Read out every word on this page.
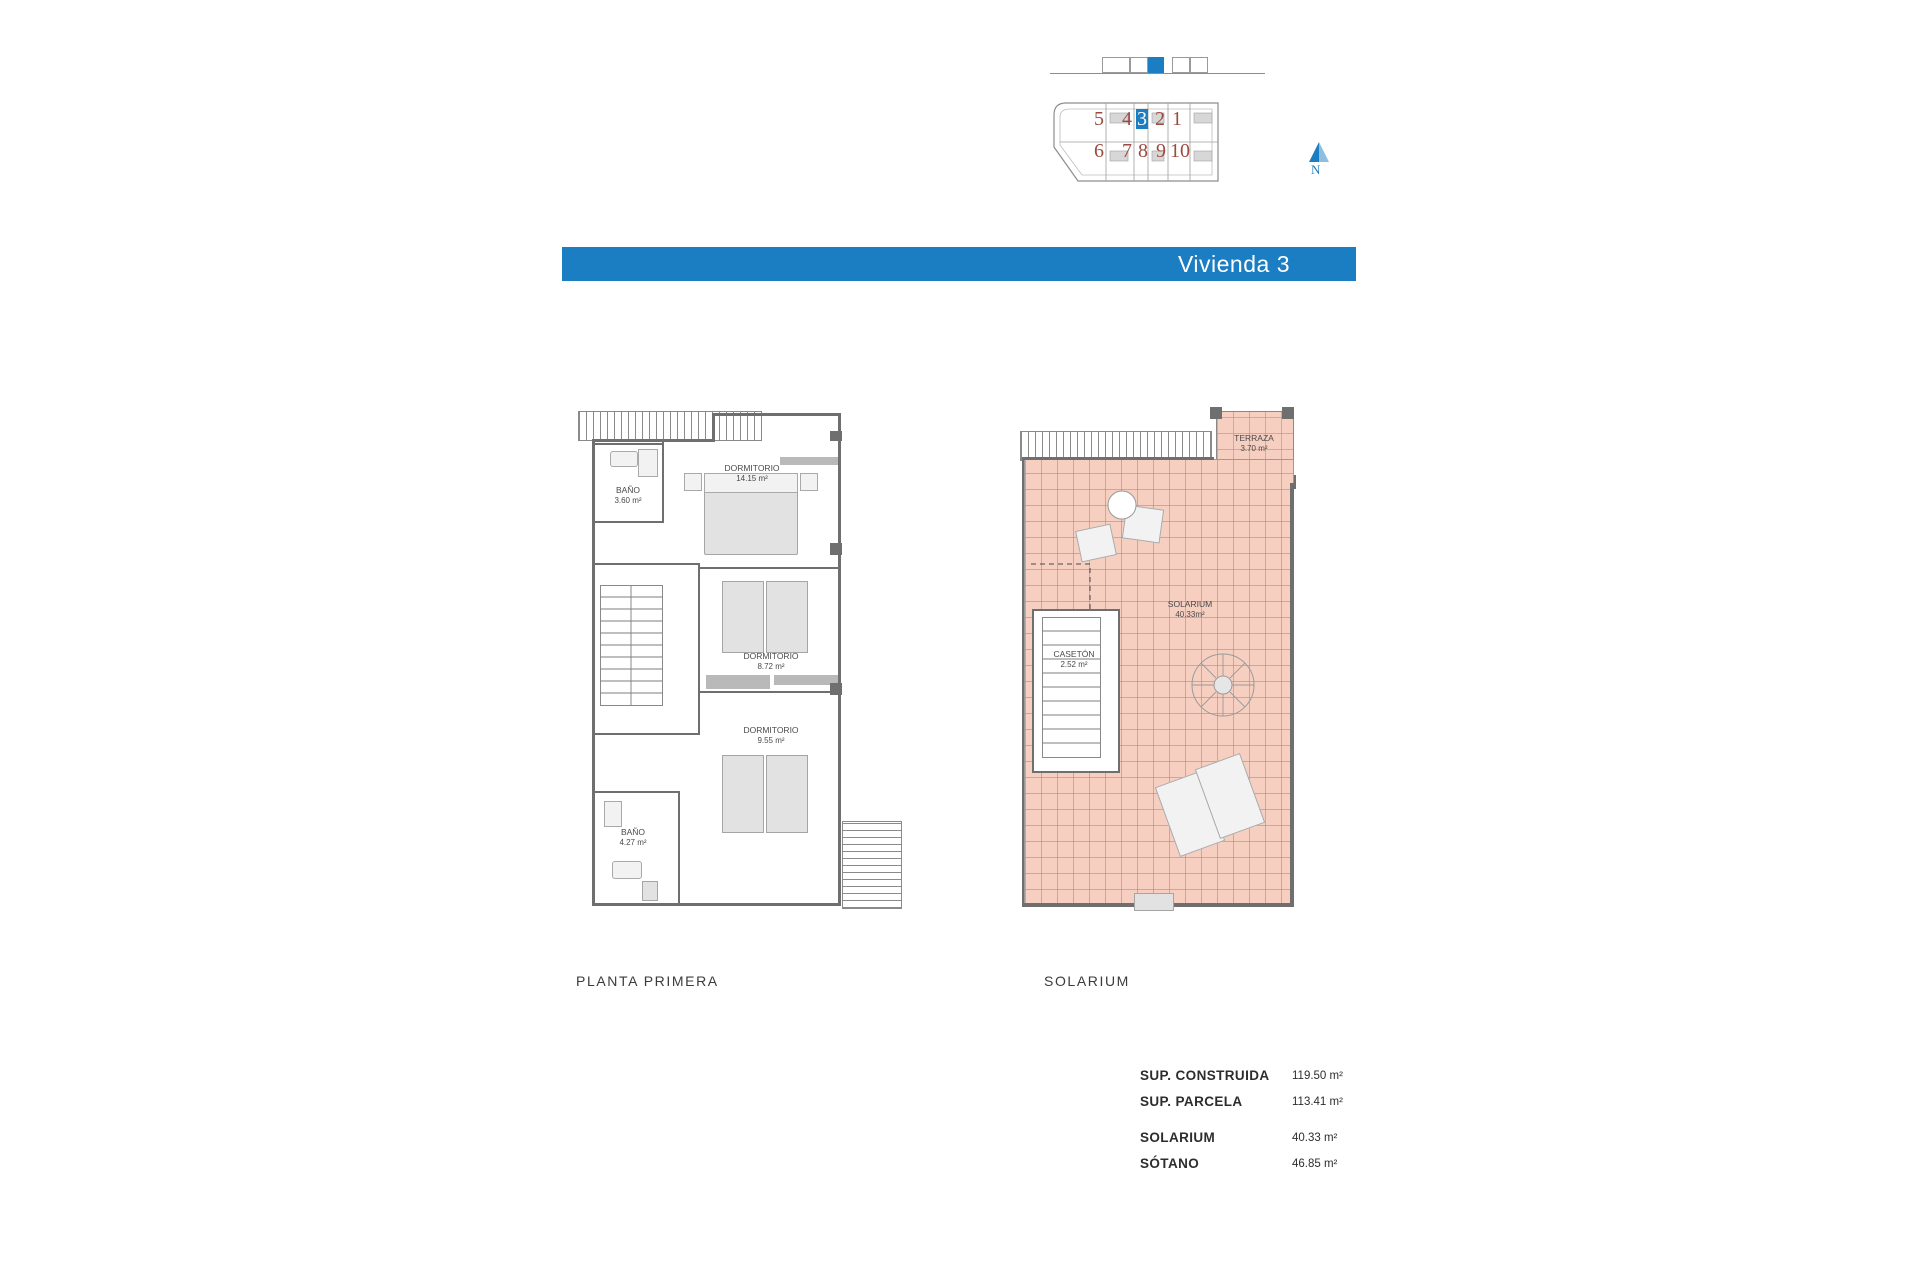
5 4 3 2 1
6 7 8 9 10
N
Vivienda 3
DORMITORIO
14.15 m²
BAÑO
3.60 m²
DORMITORIO
8.72 m²
DORMITORIO
9.55 m²
BAÑO
4.27 m²
PLANTA PRIMERA
TERRAZA
3.70 m²
CASETÓN
2.52 m²
SOLARIUM
40.33m²
SOLARIUM
SUP. CONSTRUIDA 119.50 m²
SUP. PARCELA	113.41 m²
SOLARIUM	40.33 m²
SÓTANO	46.85 m²
